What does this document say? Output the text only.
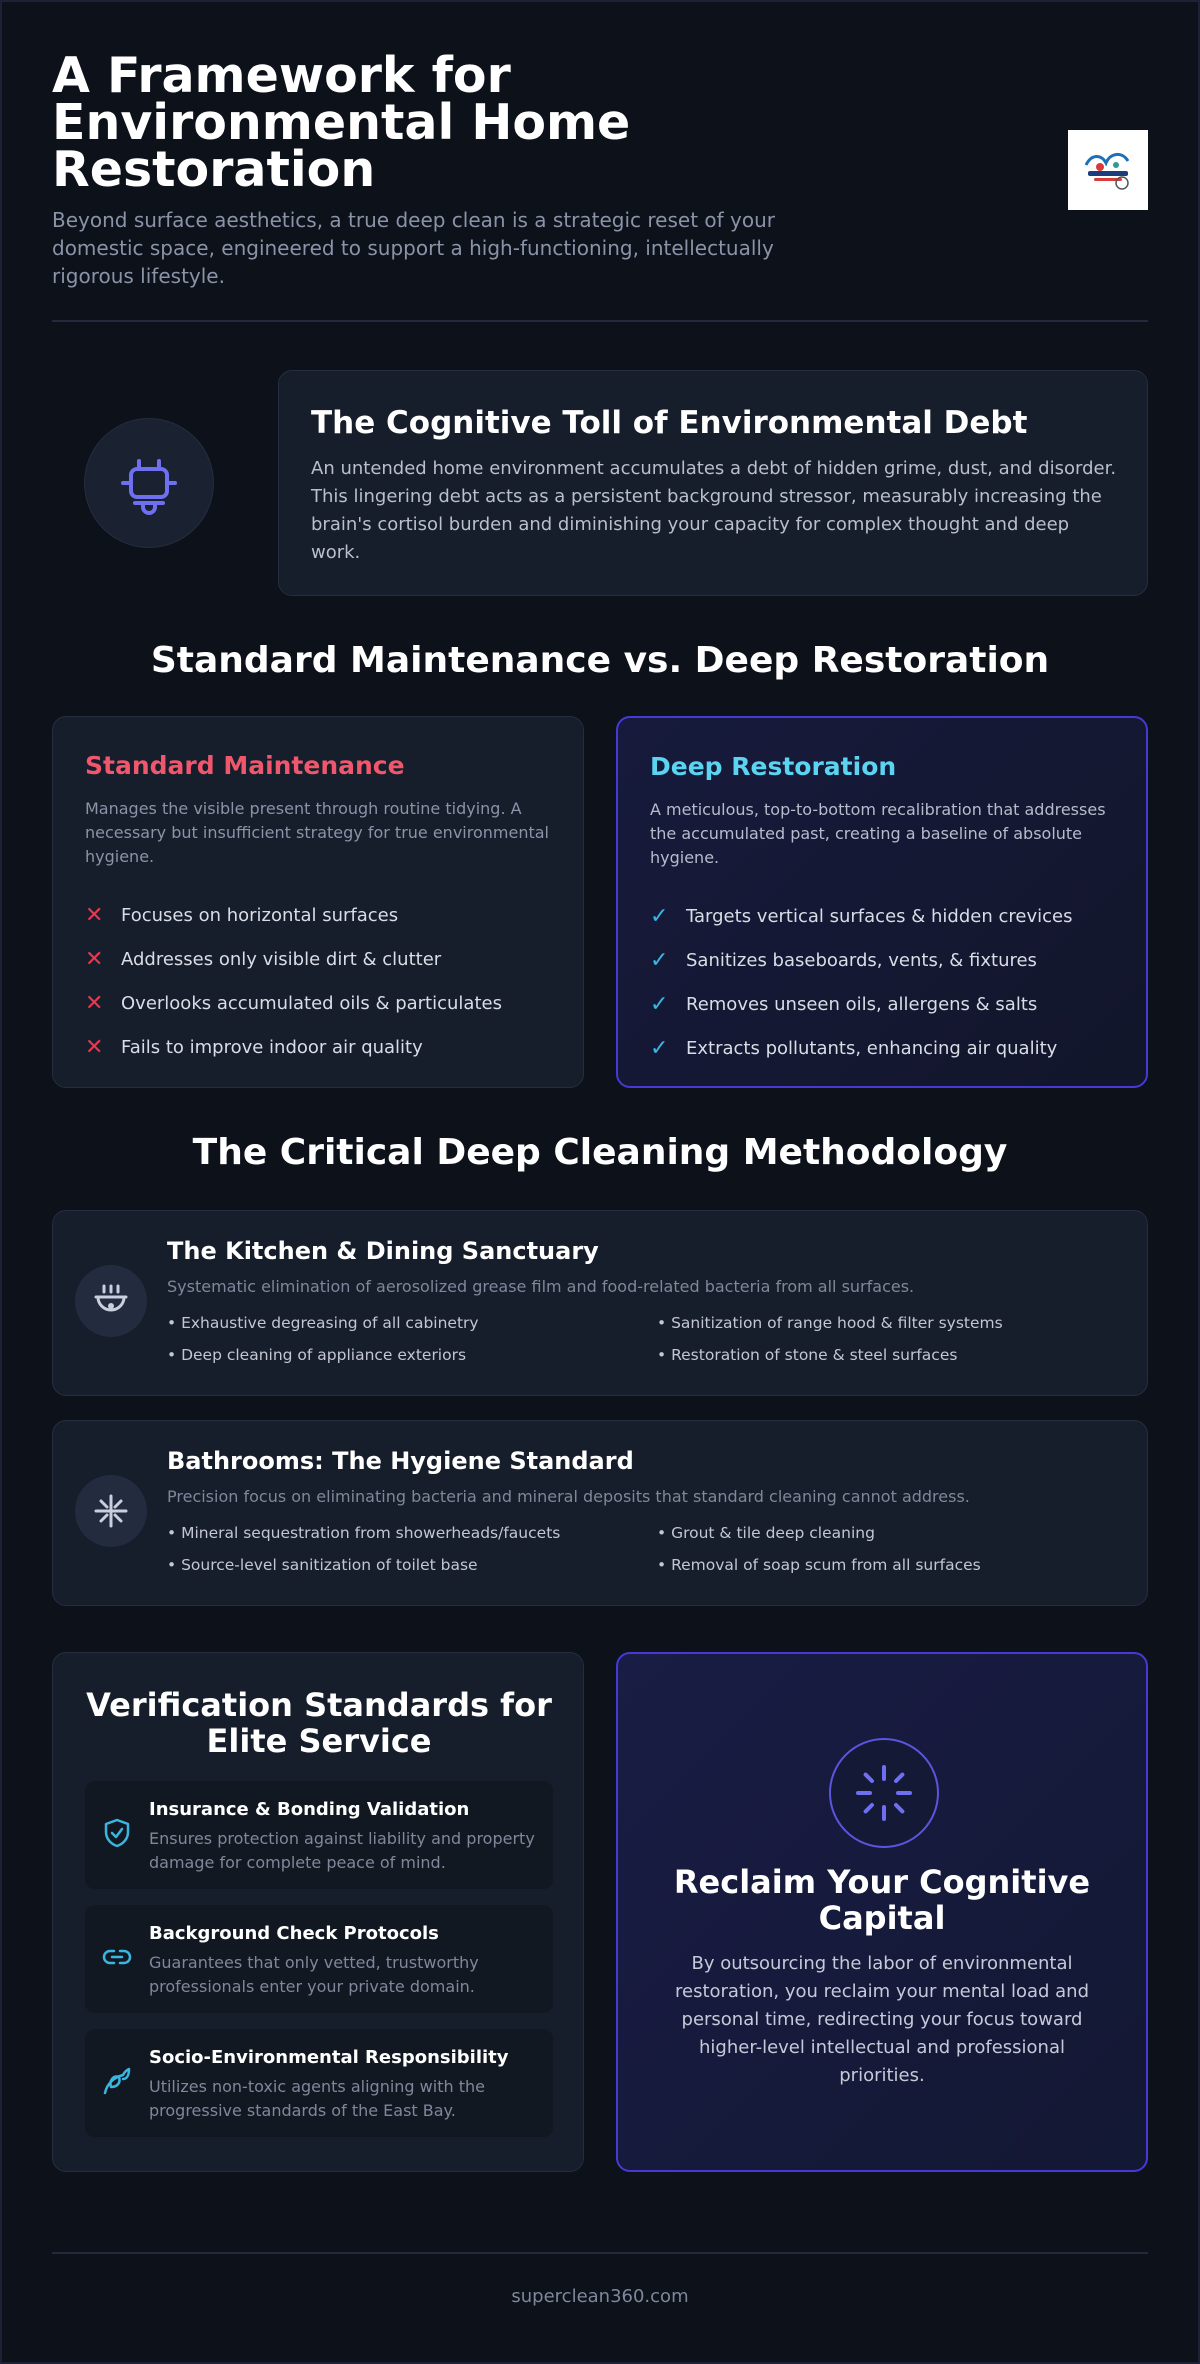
A Framework for Environmental Home Restoration

Beyond surface aesthetics, a true deep clean is a strategic reset of your domestic space, engineered to support a high-functioning, intellectually rigorous lifestyle.

The Cognitive Toll of Environmental Debt

An untended home environment accumulates a debt of hidden grime, dust, and disorder. This lingering debt acts as a persistent background stressor, measurably increasing the brain's cortisol burden and diminishing your capacity for complex thought and deep work.

Standard Maintenance vs. Deep Restoration
Standard Maintenance

Manages the visible present through routine tidying. A necessary but insufficient strategy for true environmental hygiene.

✕ Focuses on horizontal surfaces
✕ Addresses only visible dirt & clutter
✕ Overlooks accumulated oils & particulates
✕ Fails to improve indoor air quality
Deep Restoration

A meticulous, top-to-bottom recalibration that addresses the accumulated past, creating a baseline of absolute hygiene.

✓ Targets vertical surfaces & hidden crevices
✓ Sanitizes baseboards, vents, & fixtures
✓ Removes unseen oils, allergens & salts
✓ Extracts pollutants, enhancing air quality
The Critical Deep Cleaning Methodology
The Kitchen & Dining Sanctuary
Systematic elimination of aerosolized grease film and food-related bacteria from all surfaces.
• Exhaustive degreasing of all cabinetry	• Sanitization of range hood & filter systems
• Deep cleaning of appliance exteriors	• Restoration of stone & steel surfaces
Bathrooms: The Hygiene Standard
Precision focus on eliminating bacteria and mineral deposits that standard cleaning cannot address.
• Mineral sequestration from showerheads/faucets	• Grout & tile deep cleaning
• Source-level sanitization of toilet base	• Removal of soap scum from all surfaces
Verification Standards for Elite Service
Insurance & Bonding Validation
Ensures protection against liability and property damage for complete peace of mind.
Background Check Protocols
Guarantees that only vetted, trustworthy professionals enter your private domain.
Socio-Environmental Responsibility
Utilizes non-toxic agents aligning with the progressive standards of the East Bay.
Reclaim Your Cognitive Capital

By outsourcing the labor of environmental restoration, you reclaim your mental load and personal time, redirecting your focus toward higher-level intellectual and professional priorities.

superclean360.com
